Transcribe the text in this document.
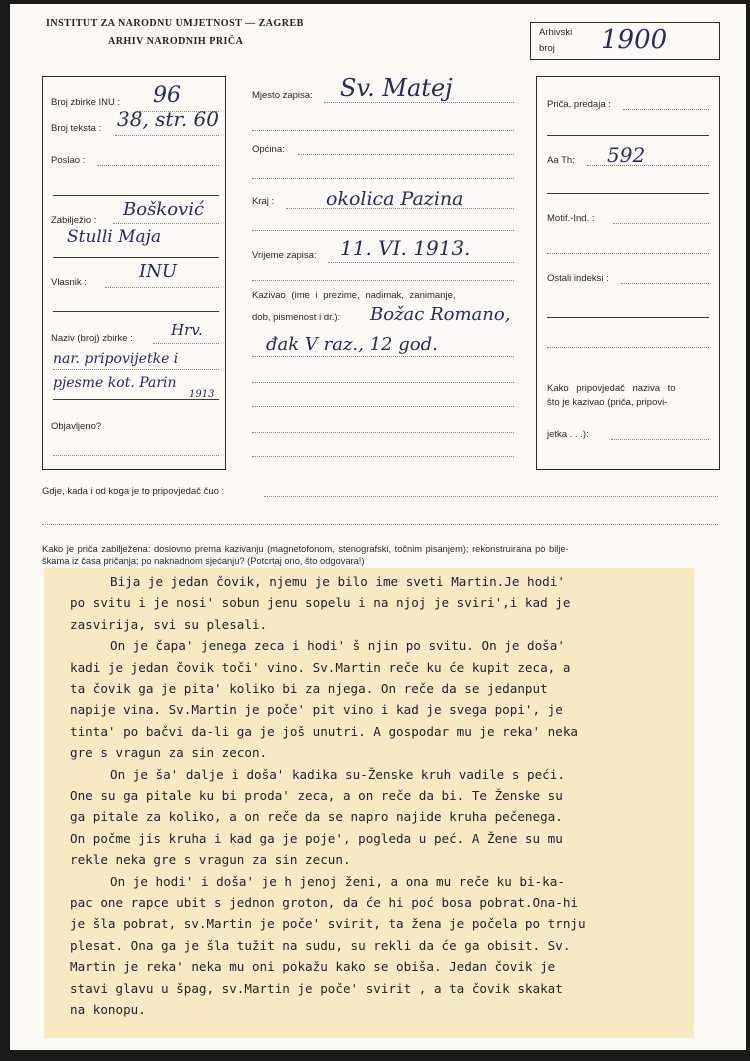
INSTITUT ZA NARODNU UMJETNOST — ZAGREB
ARHIV NARODNIH PRIČA
Arhivski
broj 1900
Broj zbirke INU : 96
Broj teksta : 38, str. 60
Poslao :
Zabilježio :
Bošković
Stulli Maja
Vlasnik :
INU
Naziv (broj) zbirke :	Hrv.
nar. pripovijetke i
pjesme kot. Parin
1913
Objavljeno?
Mjesto zapisa: Sv. Matej
Općina:
Kraj :	okolica Pazina
Vrijeme zapisa: 11. VI. 1913.
Kazivao (ime i prezime, nadimak, zanimanje,
dob, pismenost i dr.): Božac Romano,
đak V raz., 12 god.
Priča, predaja :
Aa Th: 592
Motif.-Ind. :
Ostali indeksi :
Kako pripovjedač naziva to
što je kazivao (priča, pripovi-
jetka . . .):
Gdje, kada i od koga je to pripovjedač čuo :
Kako je priča zabilježena: doslovno prema kazivanju (magnetofonom, stenografski, točnim pisanjem); rekonstruirana po bilje-
škama iz časa pričanja; po naknadnom sjećanju? (Potcrtaj ono, što odgovara!)
Bija je jedan čovik, njemu je bilo ime sveti Martin.Je hodi'
po svitu i je nosi' sobun jenu sopelu i na njoj je sviri',i kad je
zasvirija, svi su plesali.
On je čapa' jenega zeca i hodi' š njin po svitu. On je doša'
kadi je jedan čovik toči' vino. Sv.Martin reče ku će kupit zeca, a
ta čovik ga je pita' koliko bi za njega. On reče da se jedanput
napije vina. Sv.Martin je poče' pit vino i kad je svega popi', je
tinta' po bačvi da-li ga je još unutri. A gospodar mu je reka' neka
gre s vragun za sin zecon.
On je ša' dalje i doša' kadika su-Ženske kruh vadile s peći.
One su ga pitale ku bi proda' zeca, a on reče da bi. Te Ženske su
ga pitale za koliko, a on reče da se napro najide kruha pečenega.
On počme jis kruha i kad ga je poje', pogleda u peć. A Žene su mu
rekle neka gre s vragun za sin zecun.
On je hodi' i doša' je h jenoj ženi, a ona mu reče ku bi-ka-
pac one rapce ubit s jednon groton, da će hi poć bosa pobrat.Ona-hi
je šla pobrat, sv.Martin je poče' svirit, ta žena je počela po trnju
plesat. Ona ga je šla tužit na sudu, su rekli da će ga obisit. Sv.
Martin je reka' neka mu oni pokažu kako se obiša. Jedan čovik je
stavi glavu u špag, sv.Martin je poče' svirit , a ta čovik skakat
na konopu.
